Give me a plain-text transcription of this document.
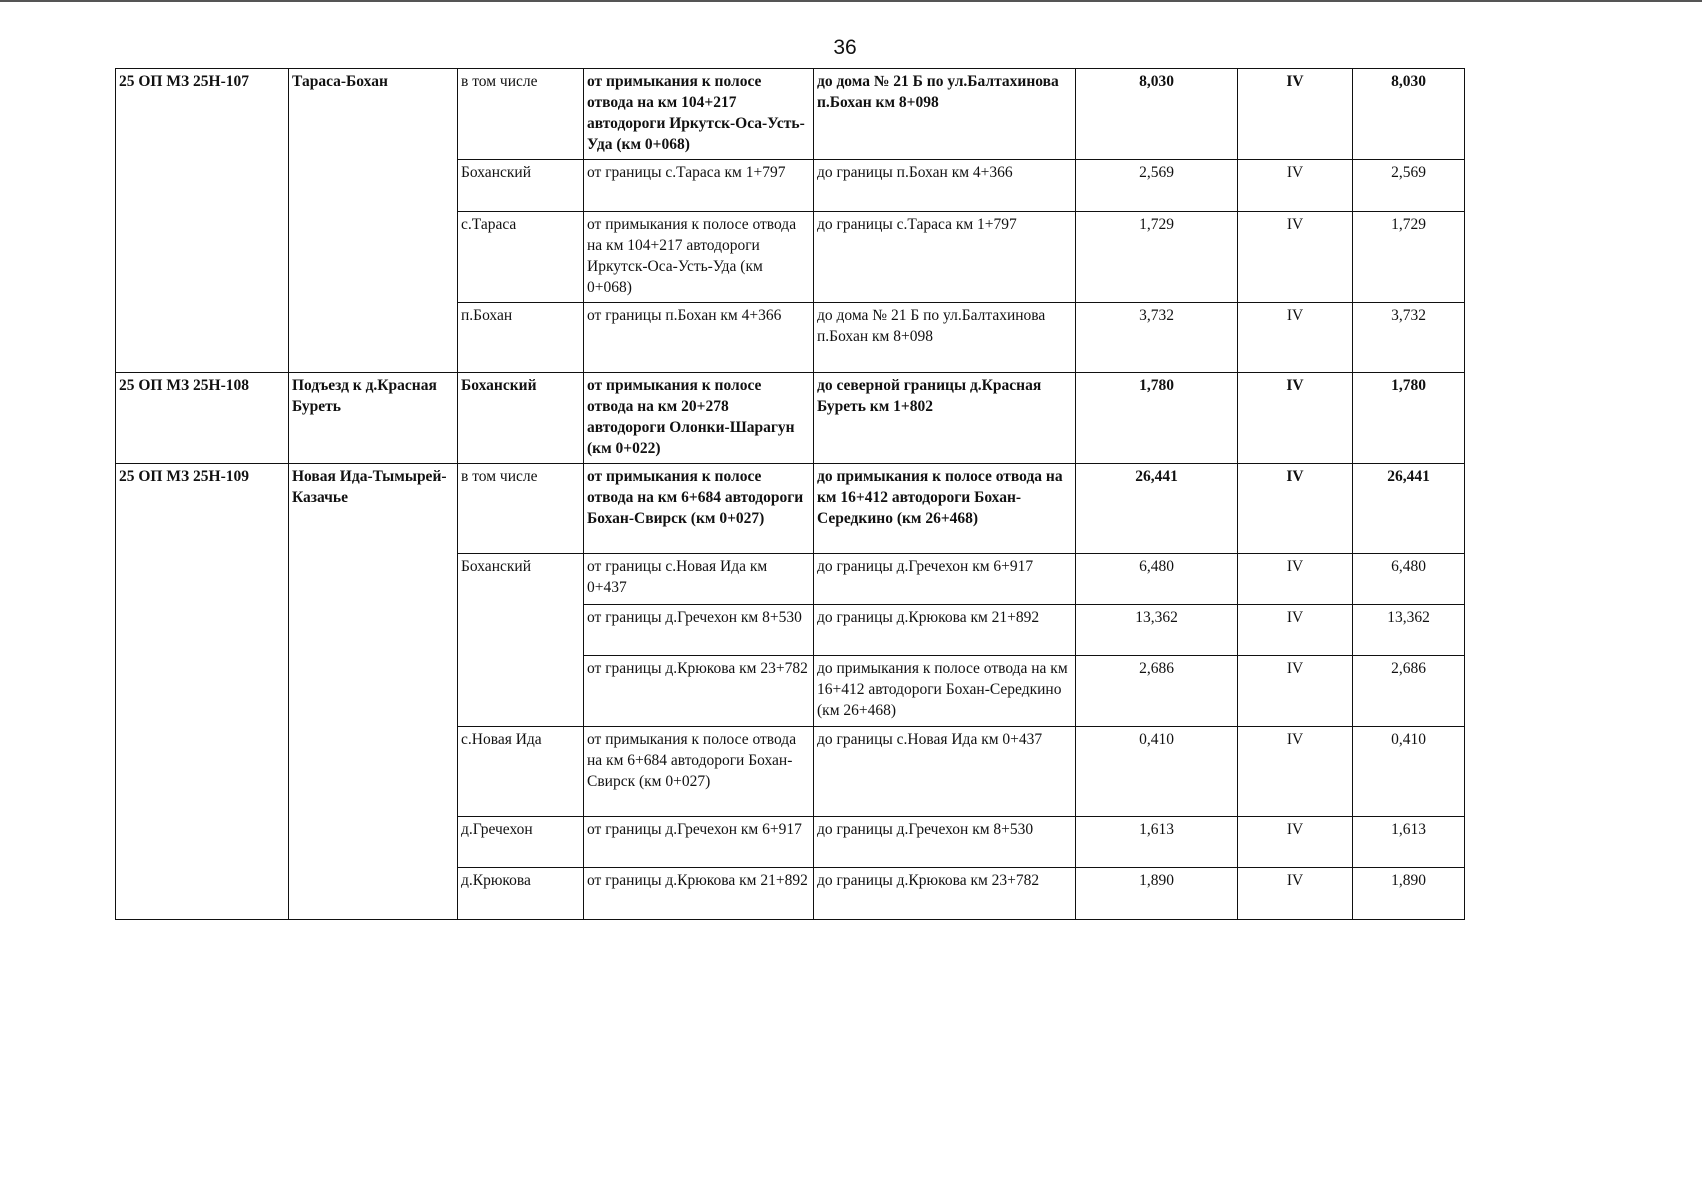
36
25 ОП МЗ 25Н-107	Тараса-Бохан	в том числе	от примыкания к полосе отвода на км 104+217 автодороги Иркутск-Оса-Усть-Уда (км 0+068)	до дома № 21 Б по ул.Балтахинова п.Бохан км 8+098	8,030	IV	8,030
		Боханский	от границы с.Тараса км 1+797	до границы п.Бохан км 4+366	2,569	IV	2,569
		с.Тараса	от примыкания к полосе отвода на км 104+217 автодороги Иркутск-Оса-Усть-Уда (км 0+068)	до границы с.Тараса км 1+797	1,729	IV	1,729
		п.Бохан	от границы п.Бохан км 4+366	до дома № 21 Б по ул.Балтахинова п.Бохан км 8+098	3,732	IV	3,732
25 ОП МЗ 25Н-108	Подъезд к д.Красная Буреть	Боханский	от примыкания к полосе отвода на км 20+278 автодороги Олонки-Шарагун (км 0+022)	до северной границы д.Красная Буреть км 1+802	1,780	IV	1,780
25 ОП МЗ 25Н-109	Новая Ида-Тымырей-Казачье	в том числе	от примыкания к полосе отвода на км 6+684 автодороги Бохан-Свирск (км 0+027)	до примыкания к полосе отвода на км 16+412 автодороги Бохан-Середкино (км 26+468)	26,441	IV	26,441
		Боханский	от границы с.Новая Ида км 0+437	до границы д.Гречехон км 6+917	6,480	IV	6,480
			от границы д.Гречехон км 8+530	до границы д.Крюкова км 21+892	13,362	IV	13,362
			от границы д.Крюкова км 23+782	до примыкания к полосе отвода на км 16+412 автодороги Бохан-Середкино (км 26+468)	2,686	IV	2,686
		с.Новая Ида	от примыкания к полосе отвода на км 6+684 автодороги Бохан-Свирск (км 0+027)	до границы с.Новая Ида км 0+437	0,410	IV	0,410
		д.Гречехон	от границы д.Гречехон км 6+917	до границы д.Гречехон км 8+530	1,613	IV	1,613
		д.Крюкова	от границы д.Крюкова км 21+892	до границы д.Крюкова км 23+782	1,890	IV	1,890
